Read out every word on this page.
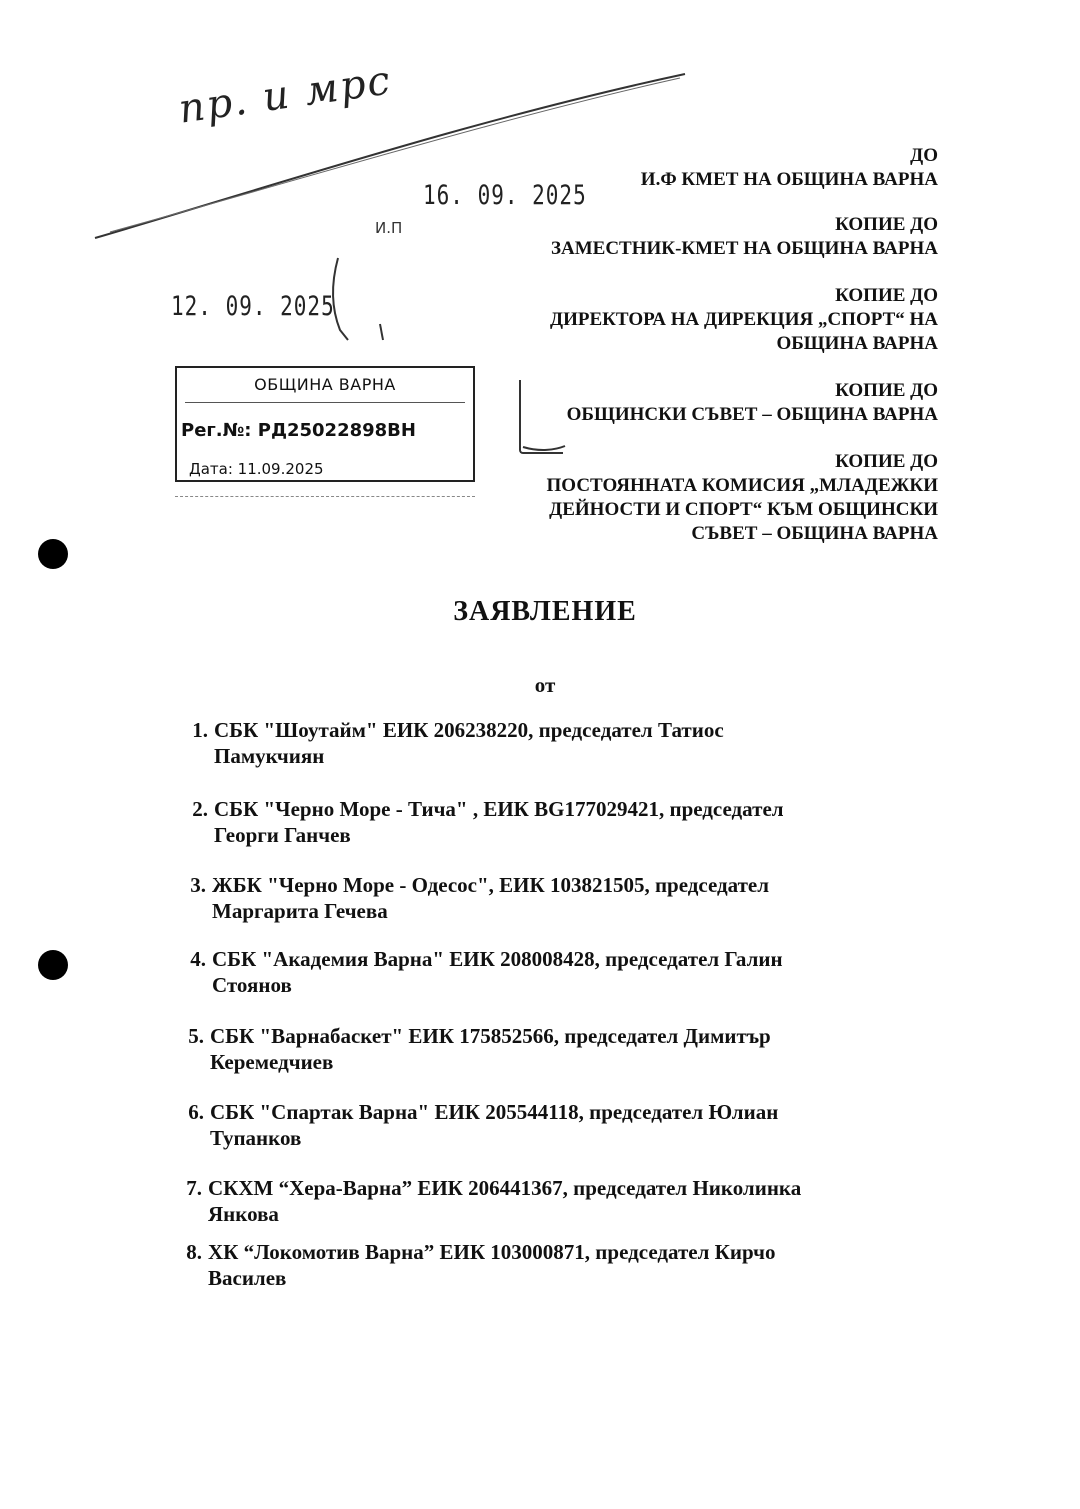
пр. и мрс
16. 09. 2025
И.П
12. 09. 2025
ОБЩИНА ВАРНА
Рег.№: РД25022898ВН
Дата: 11.09.2025
ДО
И.Ф КМЕТ НА ОБЩИНА ВАРНА
КОПИЕ ДО
ЗАМЕСТНИК-КМЕТ НА ОБЩИНА ВАРНА
КОПИЕ ДО
ДИРЕКТОРА НА ДИРЕКЦИЯ „СПОРТ“ НА
ОБЩИНА ВАРНА
КОПИЕ ДО
ОБЩИНСКИ СЪВЕТ – ОБЩИНА ВАРНА
КОПИЕ ДО
ПОСТОЯННАТА КОМИСИЯ „МЛАДЕЖКИ
ДЕЙНОСТИ И СПОРТ“ КЪМ ОБЩИНСКИ
СЪВЕТ – ОБЩИНА ВАРНА
ЗАЯВЛЕНИЕ
от
1. СБК "Шоутайм" ЕИК 206238220, председател Татиос
Памукчиян
2. СБК "Черно Море - Тича" , ЕИК BG177029421, председател
Георги Ганчев
3. ЖБК "Черно Море - Одесос", ЕИК 103821505, председател
Маргарита Гечева
4. СБК "Академия Варна" ЕИК 208008428, председател Галин
Стоянов
5. СБК "Варнабаскет" ЕИК 175852566, председател Димитър
Керемедчиев
6. СБК "Спартак Варна" ЕИК 205544118, председател Юлиан
Тупанков
7. СКХМ “Хера-Варна” ЕИК 206441367, председател Николинка
Янкова
8. ХК “Локомотив Варна” ЕИК 103000871, председател Кирчо
Василев
